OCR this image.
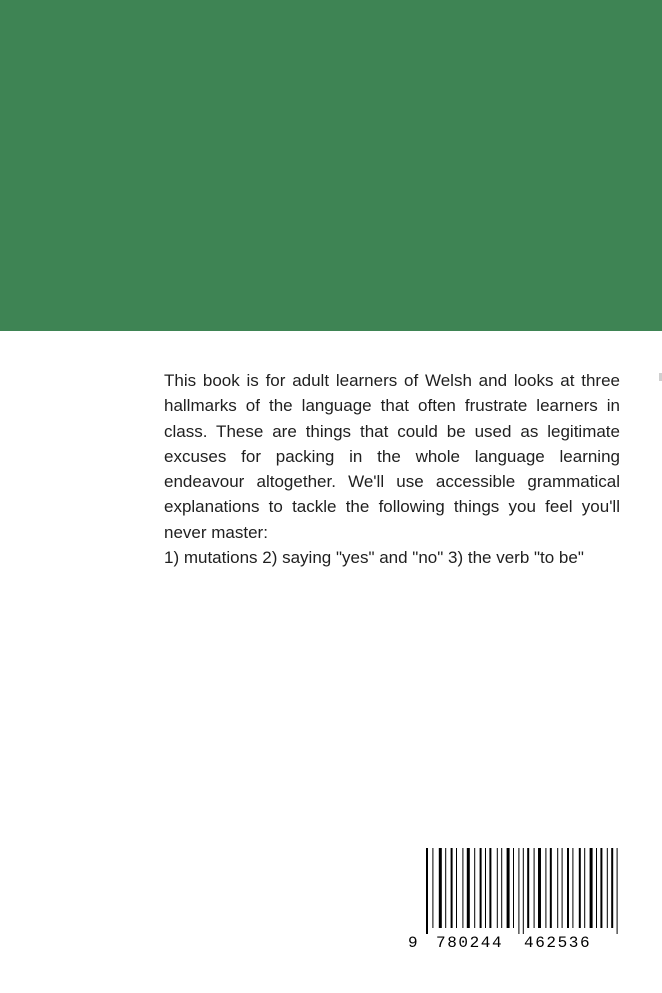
This book is for adult learners of Welsh and looks at three hallmarks of the language that often frustrate learners in class. These are things that could be used as legitimate excuses for packing in the whole language learning endeavour altogether. We'll use accessible grammatical explanations to tackle the following things you feel you'll never master:

1) mutations 2) saying "yes" and "no" 3) the verb "to be"

9 780244 462536
